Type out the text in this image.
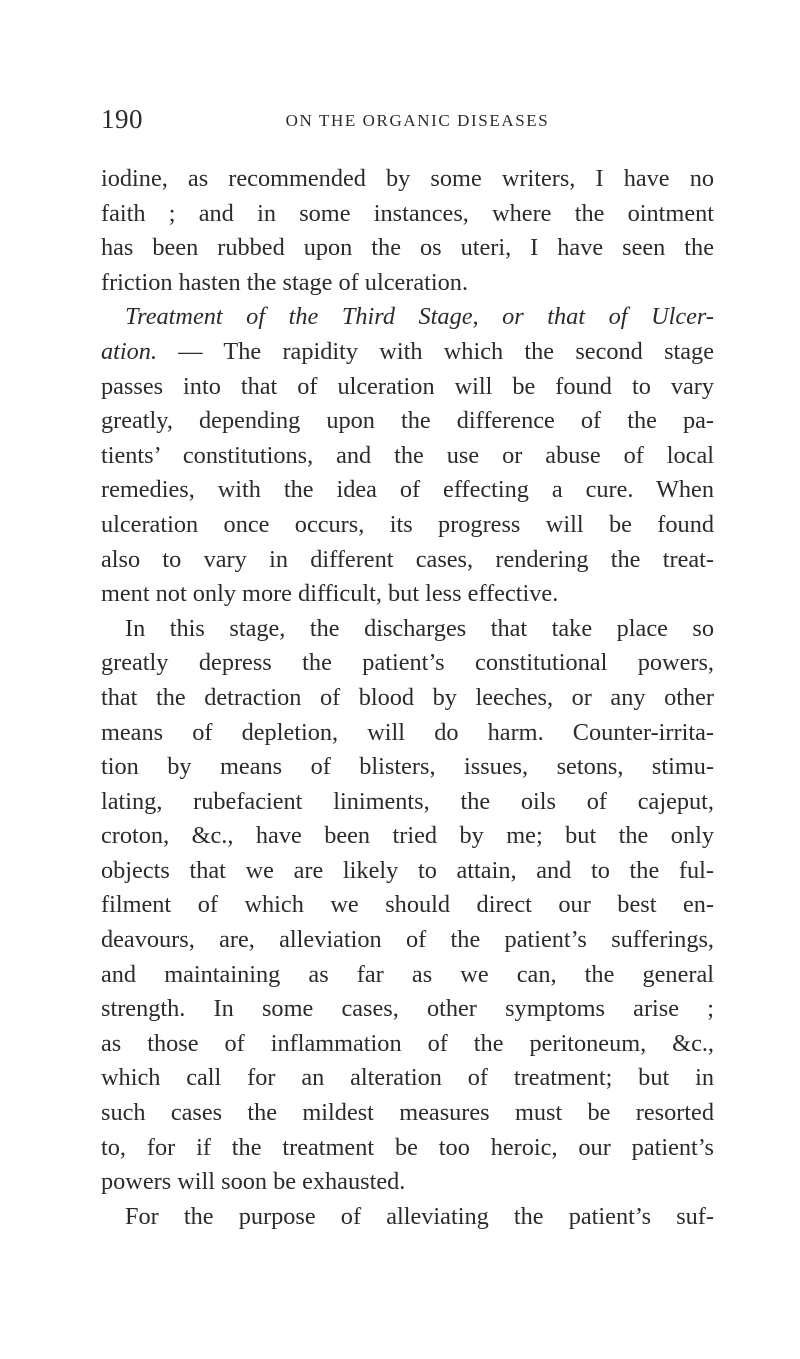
190	ON THE ORGANIC DISEASES
iodine, as recommended by some writers, I have no
faith ; and in some instances, where the ointment
has been rubbed upon the os uteri, I have seen the
friction hasten the stage of ulceration.
Treatment of the Third Stage, or that of Ulcer-
ation. — The rapidity with which the second stage
passes into that of ulceration will be found to vary
greatly, depending upon the difference of the pa-
tients’ constitutions, and the use or abuse of local
remedies, with the idea of effecting a cure. When
ulceration once occurs, its progress will be found
also to vary in different cases, rendering the treat-
ment not only more difficult, but less effective.
In this stage, the discharges that take place so
greatly depress the patient’s constitutional powers,
that the detraction of blood by leeches, or any other
means of depletion, will do harm. Counter-irrita-
tion by means of blisters, issues, setons, stimu-
lating, rubefacient liniments, the oils of cajeput,
croton, &c., have been tried by me; but the only
objects that we are likely to attain, and to the ful-
filment of which we should direct our best en-
deavours, are, alleviation of the patient’s sufferings,
and maintaining as far as we can, the general
strength. In some cases, other symptoms arise ;
as those of inflammation of the peritoneum, &c.,
which call for an alteration of treatment; but in
such cases the mildest measures must be resorted
to, for if the treatment be too heroic, our patient’s
powers will soon be exhausted.
For the purpose of alleviating the patient’s suf-
